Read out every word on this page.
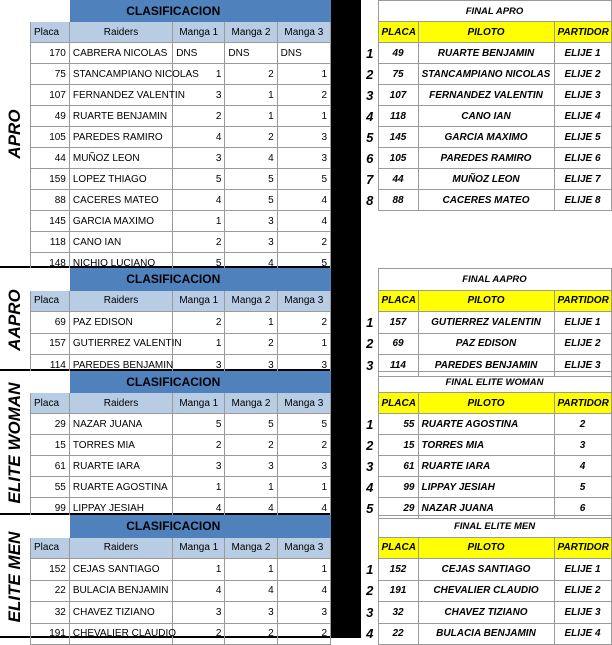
APRO
	CLASIFICACION			
Placa	Raiders	Manga 1	Manga 2	Manga 3
170	CABRERA NICOLAS	DNS	DNS	DNS
75	STANCAMPIANO NICOLAS	1	2	1
107	FERNANDEZ VALENTIN	3	1	2
49	RUARTE BENJAMIN	2	1	1
105	PAREDES RAMIRO	4	2	3
44	MUÑOZ LEON	3	4	3
159	LOPEZ THIAGO	5	5	5
88	CACERES MATEO	4	5	4
145	GARCIA MAXIMO	1	3	4
118	CANO IAN	2	3	2
148	NICHIO LUCIANO	5	4	5
	FINAL APRO		
	PLACA	PILOTO	PARTIDOR
1	49	RUARTE BENJAMIN	ELIJE 1
2	75	STANCAMPIANO NICOLAS	ELIJE 2
3	107	FERNANDEZ VALENTIN	ELIJE 3
4	118	CANO IAN	ELIJE 4
5	145	GARCIA MAXIMO	ELIJE 5
6	105	PAREDES RAMIRO	ELIJE 6
7	44	MUÑOZ LEON	ELIJE 7
8	88	CACERES MATEO	ELIJE 8
AAPRO
	CLASIFICACION			
Placa	Raiders	Manga 1	Manga 2	Manga 3
69	PAZ EDISON	2	1	2
157	GUTIERREZ VALENTIN	1	2	1
114	PAREDES BENJAMIN	3	3	3
	FINAL AAPRO		
	PLACA	PILOTO	PARTIDOR
1	157	GUTIERREZ VALENTIN	ELIJE 1
2	69	PAZ EDISON	ELIJE 2
3	114	PAREDES BENJAMIN	ELIJE 3
ELITE WOMAN
	CLASIFICACION			
Placa	Raiders	Manga 1	Manga 2	Manga 3
29	NAZAR JUANA	5	5	5
15	TORRES MIA	2	2	2
61	RUARTE IARA	3	3	3
55	RUARTE AGOSTINA	1	1	1
99	LIPPAY JESIAH	4	4	4
	FINAL ELITE WOMAN		
	PLACA	PILOTO	PARTIDOR
1	55	RUARTE AGOSTINA	2
2	15	TORRES MIA	3
3	61	RUARTE IARA	4
4	99	LIPPAY JESIAH	5
5	29	NAZAR JUANA	6
ELITE MEN
	CLASIFICACION			
Placa	Raiders	Manga 1	Manga 2	Manga 3
152	CEJAS SANTIAGO	1	1	1
22	BULACIA BENJAMIN	4	4	4
32	CHAVEZ TIZIANO	3	3	3
191	CHEVALIER CLAUDIO	2	2	2
	FINAL ELITE MEN		
	PLACA	PILOTO	PARTIDOR
1	152	CEJAS SANTIAGO	ELIJE 1
2	191	CHEVALIER CLAUDIO	ELIJE 2
3	32	CHAVEZ TIZIANO	ELIJE 3
4	22	BULACIA BENJAMIN	ELIJE 4
